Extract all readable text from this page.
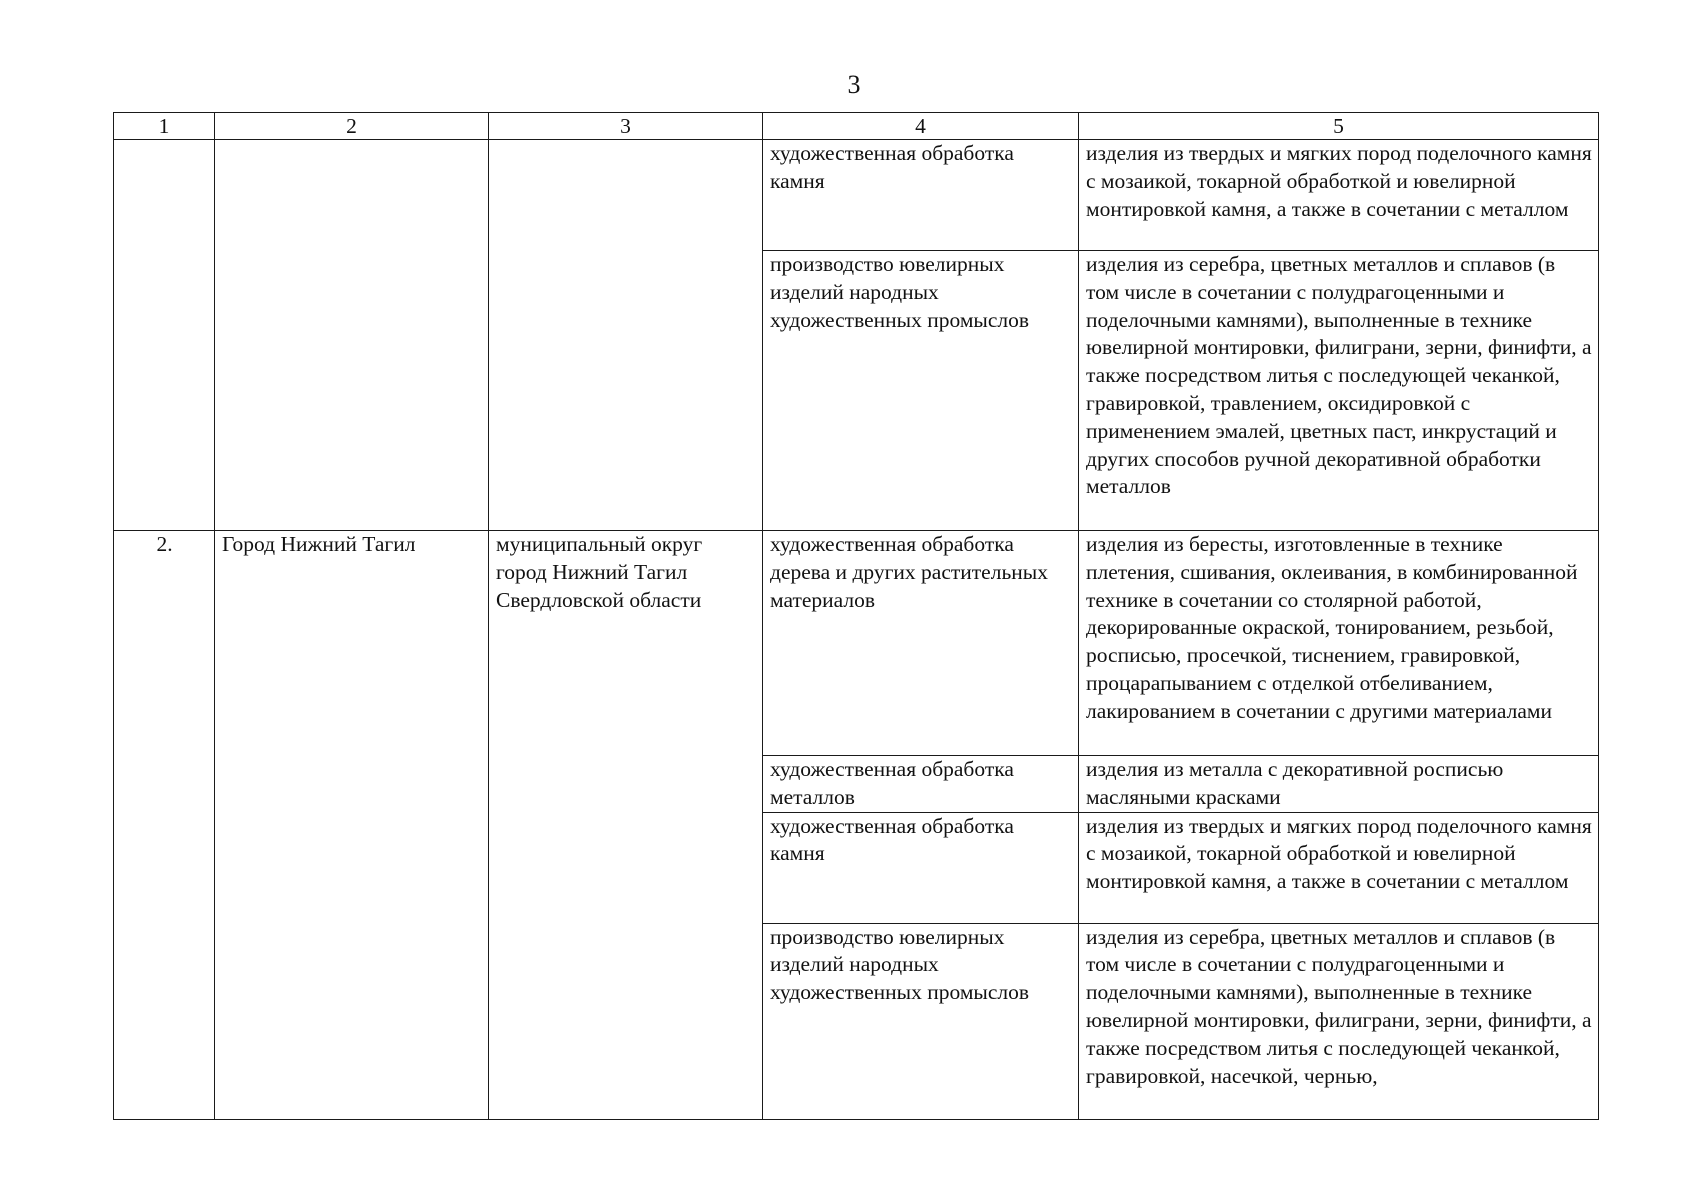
3
1	2	3	4	5
			художественная обработка камня	изделия из твердых и мягких пород поделочного камня с мозаикой, токарной обработкой и ювелирной монтировкой камня, а также в сочетании с металлом
			производство ювелирных изделий народных художественных промыслов	изделия из серебра, цветных металлов и сплавов (в том числе в сочетании с полудрагоценными и поделочными камнями), выполненные в технике ювелирной монтировки, филиграни, зерни, финифти, а также посредством литья с последующей чеканкой, гравировкой, травлением, оксидировкой с применением эмалей, цветных паст, инкрустаций и других способов ручной декоративной обработки металлов
2.	Город Нижний Тагил	муниципальный округ город Нижний Тагил Свердловской области	художественная обработка дерева и других растительных материалов	изделия из бересты, изготовленные в технике плетения, сшивания, оклеивания, в комбинированной технике в сочетании со столярной работой, декорированные окраской, тонированием, резьбой, росписью, просечкой, тиснением, гравировкой, процарапыванием с отделкой отбеливанием, лакированием в сочетании с другими материалами
			художественная обработка металлов	изделия из металла с декоративной росписью масляными красками
			художественная обработка камня	изделия из твердых и мягких пород поделочного камня с мозаикой, токарной обработкой и ювелирной монтировкой камня, а также в сочетании с металлом
			производство ювелирных изделий народных художественных промыслов	изделия из серебра, цветных металлов и сплавов (в том числе в сочетании с полудрагоценными и поделочными камнями), выполненные в технике ювелирной монтировки, филиграни, зерни, финифти, а также посредством литья с последующей чеканкой, гравировкой, насечкой, чернью,
